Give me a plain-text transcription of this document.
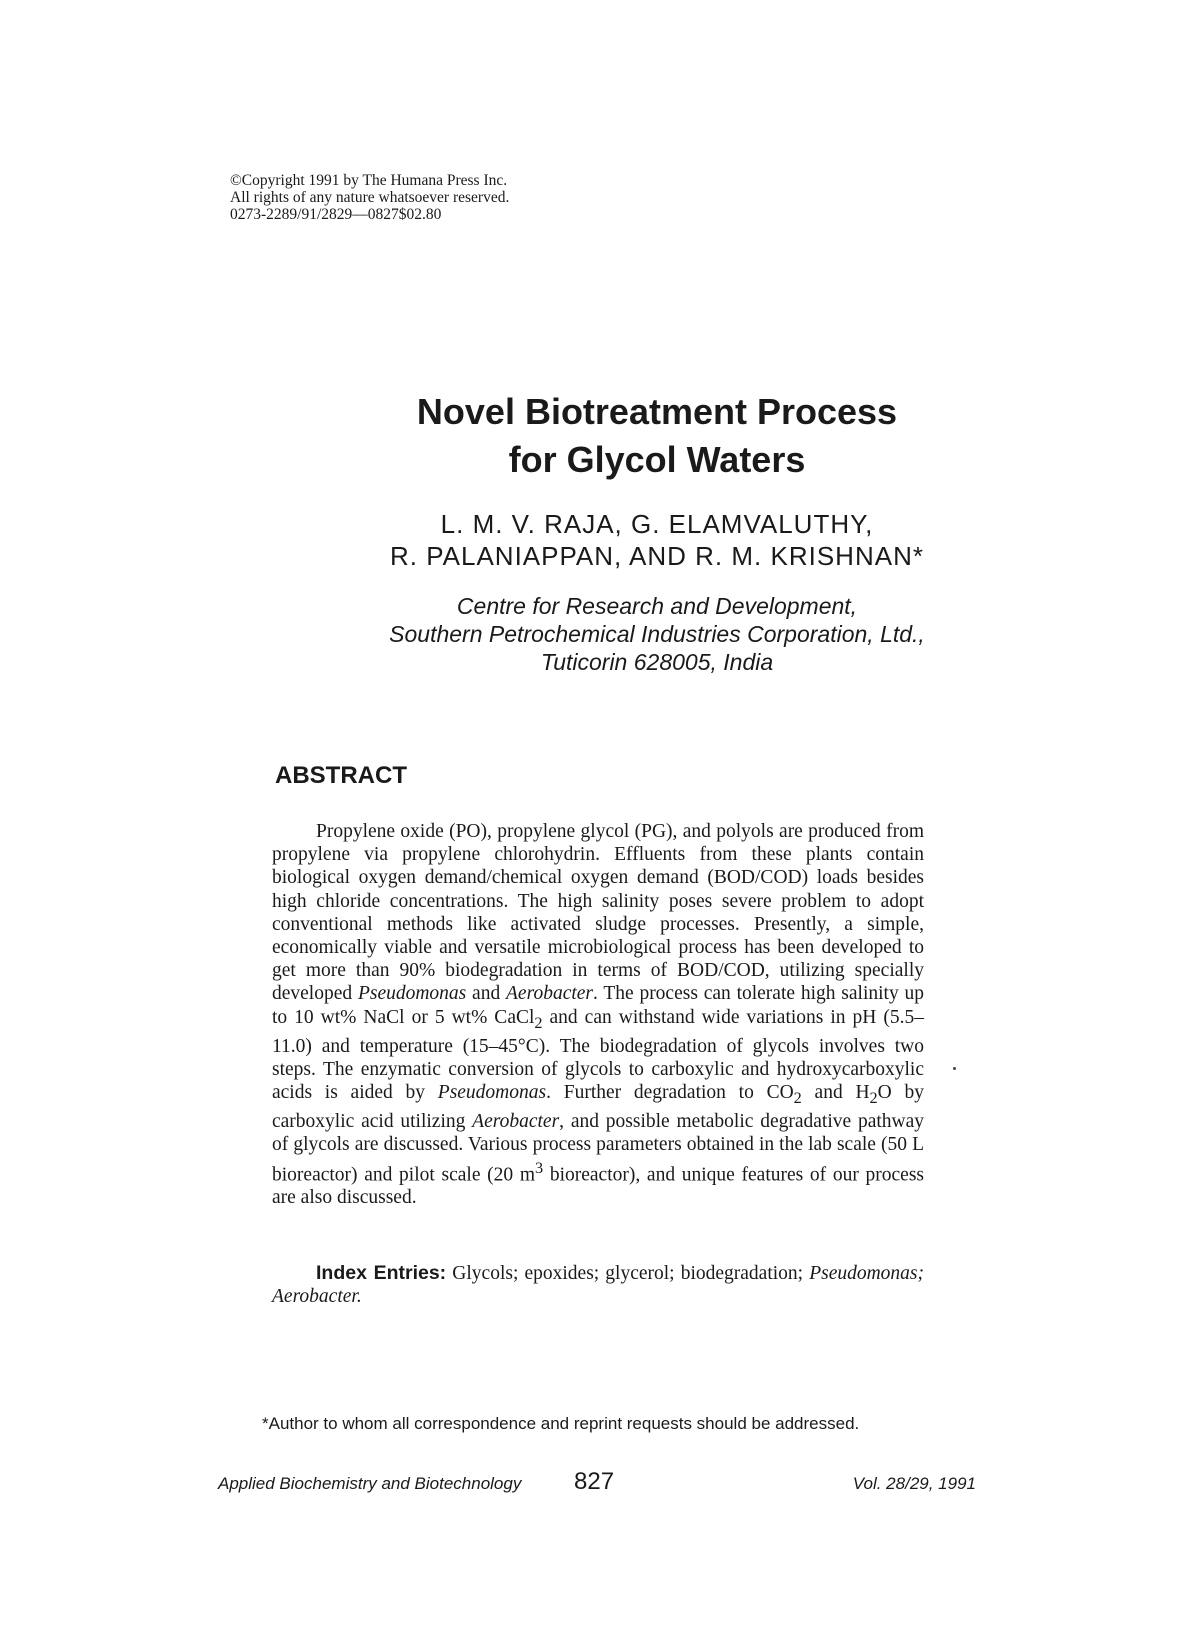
©Copyright 1991 by The Humana Press Inc.
All rights of any nature whatsoever reserved.
0273-2289/91/2829—0827$02.80
Novel Biotreatment Process
for Glycol Waters
L. M. V. RAJA, G. ELAMVALUTHY,
R. PALANIAPPAN, AND R. M. KRISHNAN*
Centre for Research and Development,
Southern Petrochemical Industries Corporation, Ltd.,
Tuticorin 628005, India
ABSTRACT
Propylene oxide (PO), propylene glycol (PG), and polyols are produced from propylene via propylene chlorohydrin. Effluents from these plants contain biological oxygen demand/chemical oxygen demand (BOD/COD) loads besides high chloride concentrations. The high salinity poses severe problem to adopt conventional methods like activated sludge processes. Presently, a simple, economically viable and versatile microbiological process has been developed to get more than 90% biodegradation in terms of BOD/COD, utilizing specially developed Pseudomonas and Aerobacter. The process can tolerate high salinity up to 10 wt% NaCl or 5 wt% CaCl$_2$ and can withstand wide variations in pH (5.5–11.0) and temperature (15–45°C). The biodegradation of glycols involves two steps. The enzymatic conversion of glycols to carboxylic and hydroxycarboxylic acids is aided by Pseudomonas. Further degradation to $CO_2$ and $H_2O$ by carboxylic acid utilizing Aerobacter, and possible metabolic degradative pathway of glycols are discussed. Various process parameters obtained in the lab scale (50 L bioreactor) and pilot scale (20 $m^3$ bioreactor), and unique features of our process are also discussed.
Index Entries: Glycols; epoxides; glycerol; biodegradation; Pseudomonas; Aerobacter.
*Author to whom all correspondence and reprint requests should be addressed.
Applied Biochemistry and Biotechnology 827	Vol. 28/29, 1991
